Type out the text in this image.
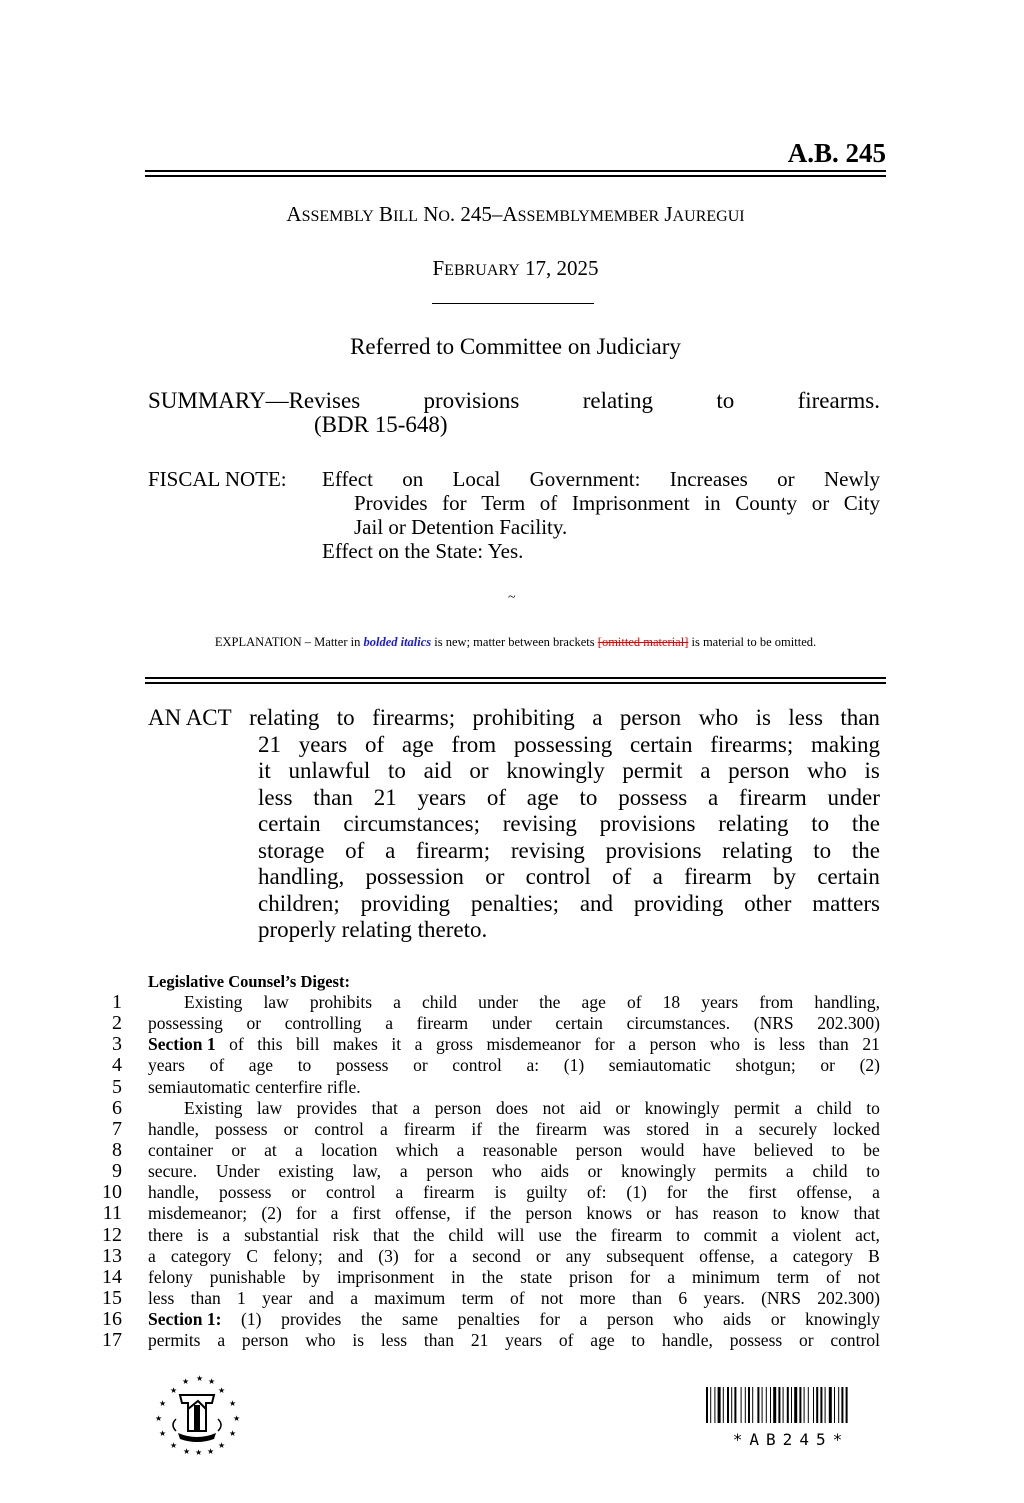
A.B. 245
ASSEMBLY BILL NO. 245–ASSEMBLYMEMBER JAUREGUI
FEBRUARY 17, 2025
Referred to Committee on Judiciary
SUMMARY—Revises	provisions	relating	to	firearms.
(BDR 15-648)
FISCAL NOTE:	Effect on Local Government: Increases or Newly
Provides for Term of Imprisonment in County or City
Jail or Detention Facility.
Effect on the State: Yes.
~
EXPLANATION – Matter in bolded italics is new; matter between brackets [omitted material] is material to be omitted.
AN ACT relating to firearms; prohibiting a person who is less than
21 years of age from possessing certain firearms; making
it unlawful to aid or knowingly permit a person who is
less than 21 years of age to possess a firearm under
certain circumstances; revising provisions relating to the
storage of a firearm; revising provisions relating to the
handling, possession or control of a firearm by certain
children; providing penalties; and providing other matters
properly relating thereto.
Legislative Counsel’s Digest:
1	Existing law prohibits a child under the age of 18 years from handling,
2 possessing or controlling a firearm under certain circumstances. (NRS 202.300)
3 Section 1 of this bill makes it a gross misdemeanor for a person who is less than 21
4 years of age to possess or control a: (1) semiautomatic shotgun; or (2)
5 semiautomatic centerfire rifle.
6	Existing law provides that a person does not aid or knowingly permit a child to
7 handle, possess or control a firearm if the firearm was stored in a securely locked
8 container or at a location which a reasonable person would have believed to be
9 secure. Under existing law, a person who aids or knowingly permits a child to
10 handle, possess or control a firearm is guilty of: (1) for the first offense, a
11 misdemeanor; (2) for a first offense, if the person knows or has reason to know that
12 there is a substantial risk that the child will use the firearm to commit a violent act,
13 a category C felony; and (3) for a second or any subsequent offense, a category B
14 felony punishable by imprisonment in the state prison for a minimum term of not
15 less than 1 year and a maximum term of not more than 6 years. (NRS 202.300)
16 Section 1: (1) provides the same penalties for a person who aids or knowingly
17 permits a person who is less than 21 years of age to handle, possess or control
★ ★ ★
★	★
★	★
★	★
★	★
★	★
★ ★ ★
*AB245*
